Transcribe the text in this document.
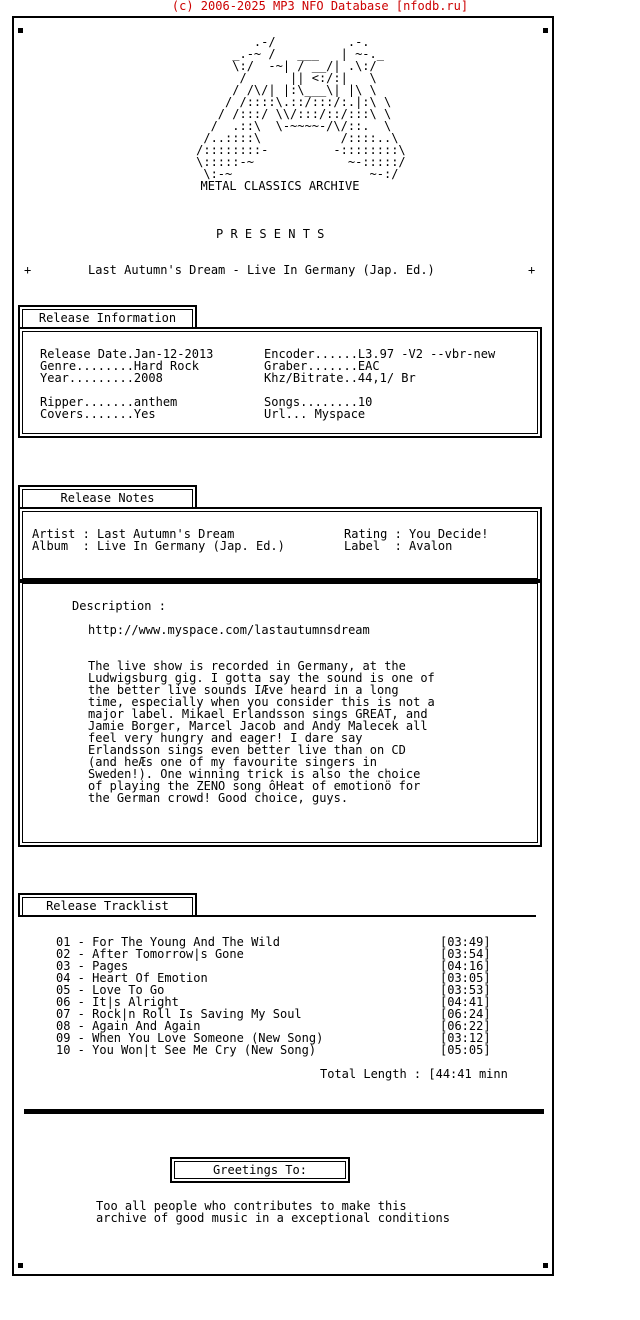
(c) 2006-2025 MP3 NFO Database [nfodb.ru]
.-/          .-.
_.-~ /   ___   | ~-._
\:/  -~| / __/| .\:/
/      || <:/:|   \
/ /\/| |:\___\| |\ \
/ /::::\.::/:::/:.|:\ \
/ /:::/ \\/:::/::/:::\ \
/  .::\  \-~~~~-/\/::.  \
/..::::\           /::::..\
/::::::::-         -::::::::\
\:::::-~             ~-:::::/
\:-~                   ~-:/
METAL CLASSICS ARCHIVE
P R E S E N T S
+	Last Autumn's Dream - Live In Germany (Jap. Ed.)	+
Release Information
Release Date.Jan-12-2013
Genre........Hard Rock
Year.........2008

Ripper.......anthem
Covers.......Yes
Encoder......L3.97 -V2 --vbr-new
Graber.......EAC
Khz/Bitrate..44,1/ Br

Songs........10
Url... Myspace
Release Notes
Artist : Last Autumn's Dream
Album  : Live In Germany (Jap. Ed.)
Rating : You Decide!
Label  : Avalon
Description :
http://www.myspace.com/lastautumnsdream
The live show is recorded in Germany, at the
Ludwigsburg gig. I gotta say the sound is one of
the better live sounds IÆve heard in a long
time, especially when you consider this is not a
major label. Mikael Erlandsson sings GREAT, and
Jamie Borger, Marcel Jacob and Andy Malecek all
feel very hungry and eager! I dare say
Erlandsson sings even better live than on CD
(and heÆs one of my favourite singers in
Sweden!). One winning trick is also the choice
of playing the ZENO song ôHeat of emotionö for
the German crowd! Good choice, guys.
Release Tracklist
01 - For The Young And The Wild
02 - After Tomorrow|s Gone
03 - Pages
04 - Heart Of Emotion
05 - Love To Go
06 - It|s Alright
07 - Rock|n Roll Is Saving My Soul
08 - Again And Again
09 - When You Love Someone (New Song)
10 - You Won|t See Me Cry (New Song)
[03:49]
[03:54]
[04:16]
[03:05]
[03:53]
[04:41]
[06:24]
[06:22]
[03:12]
[05:05]
Total Length : [44:41 minn
Greetings To:
Too all people who contributes to make this
archive of good music in a exceptional conditions
